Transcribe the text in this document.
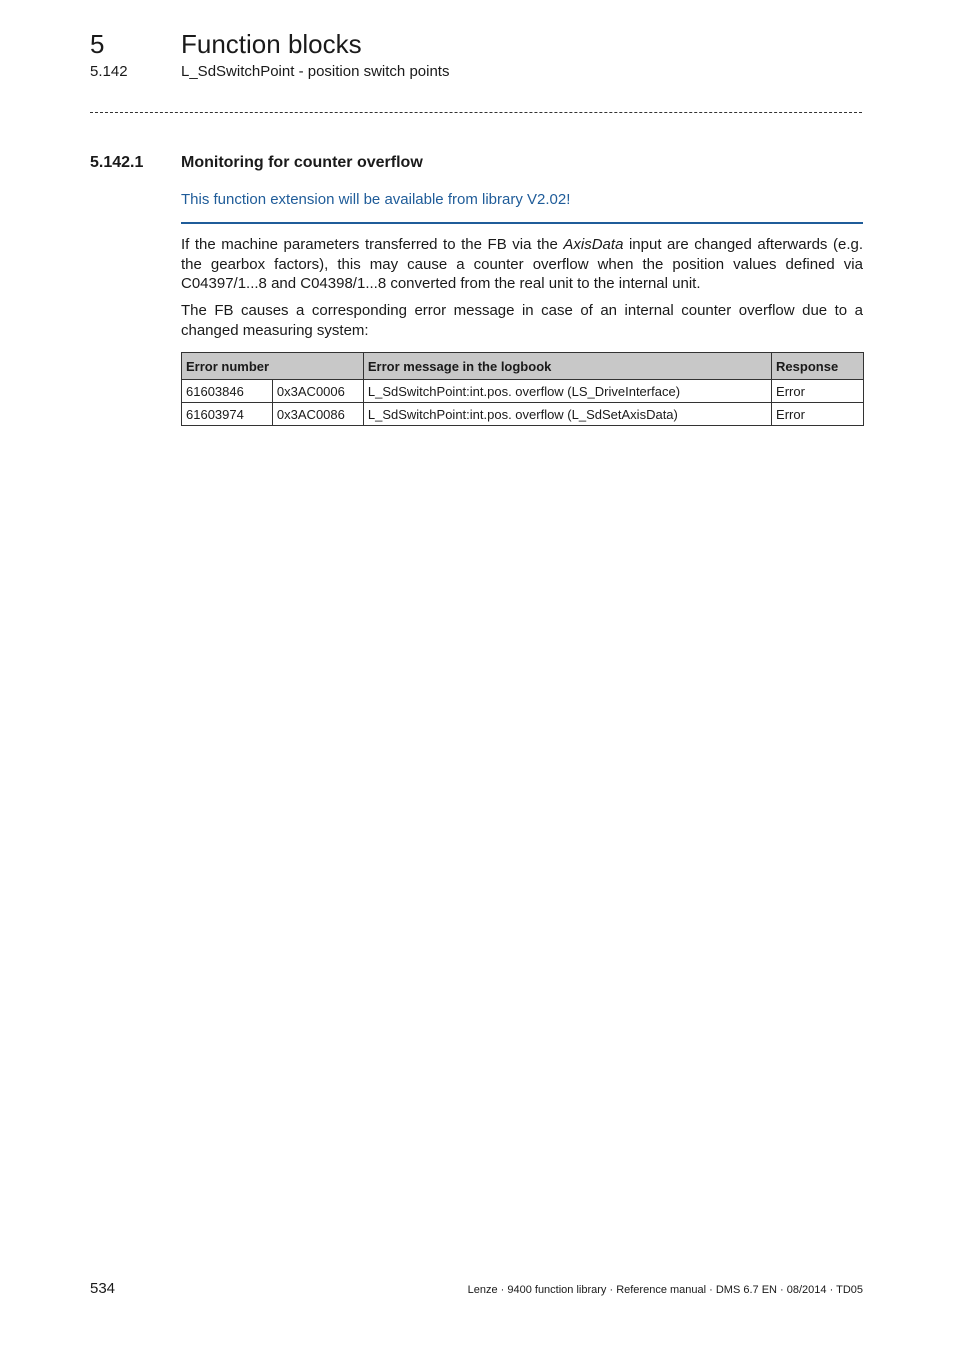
5	Function blocks
5.142	L_SdSwitchPoint - position switch points
5.142.1 Monitoring for counter overflow
This function extension will be available from library V2.02!
If the machine parameters transferred to the FB via the AxisData input are changed afterwards (e.g. the gearbox factors), this may cause a counter overflow when the position values defined via C04397/1...8 and C04398/1...8 converted from the real unit to the internal unit.
The FB causes a corresponding error message in case of an internal counter overflow due to a changed measuring system:
Error number		Error message in the logbook	Response
61603846	0x3AC0006	L_SdSwitchPoint:int.pos. overflow (LS_DriveInterface)	Error
61603974	0x3AC0086	L_SdSwitchPoint:int.pos. overflow (L_SdSetAxisData)	Error
534	Lenze · 9400 function library · Reference manual · DMS 6.7 EN · 08/2014 · TD05
